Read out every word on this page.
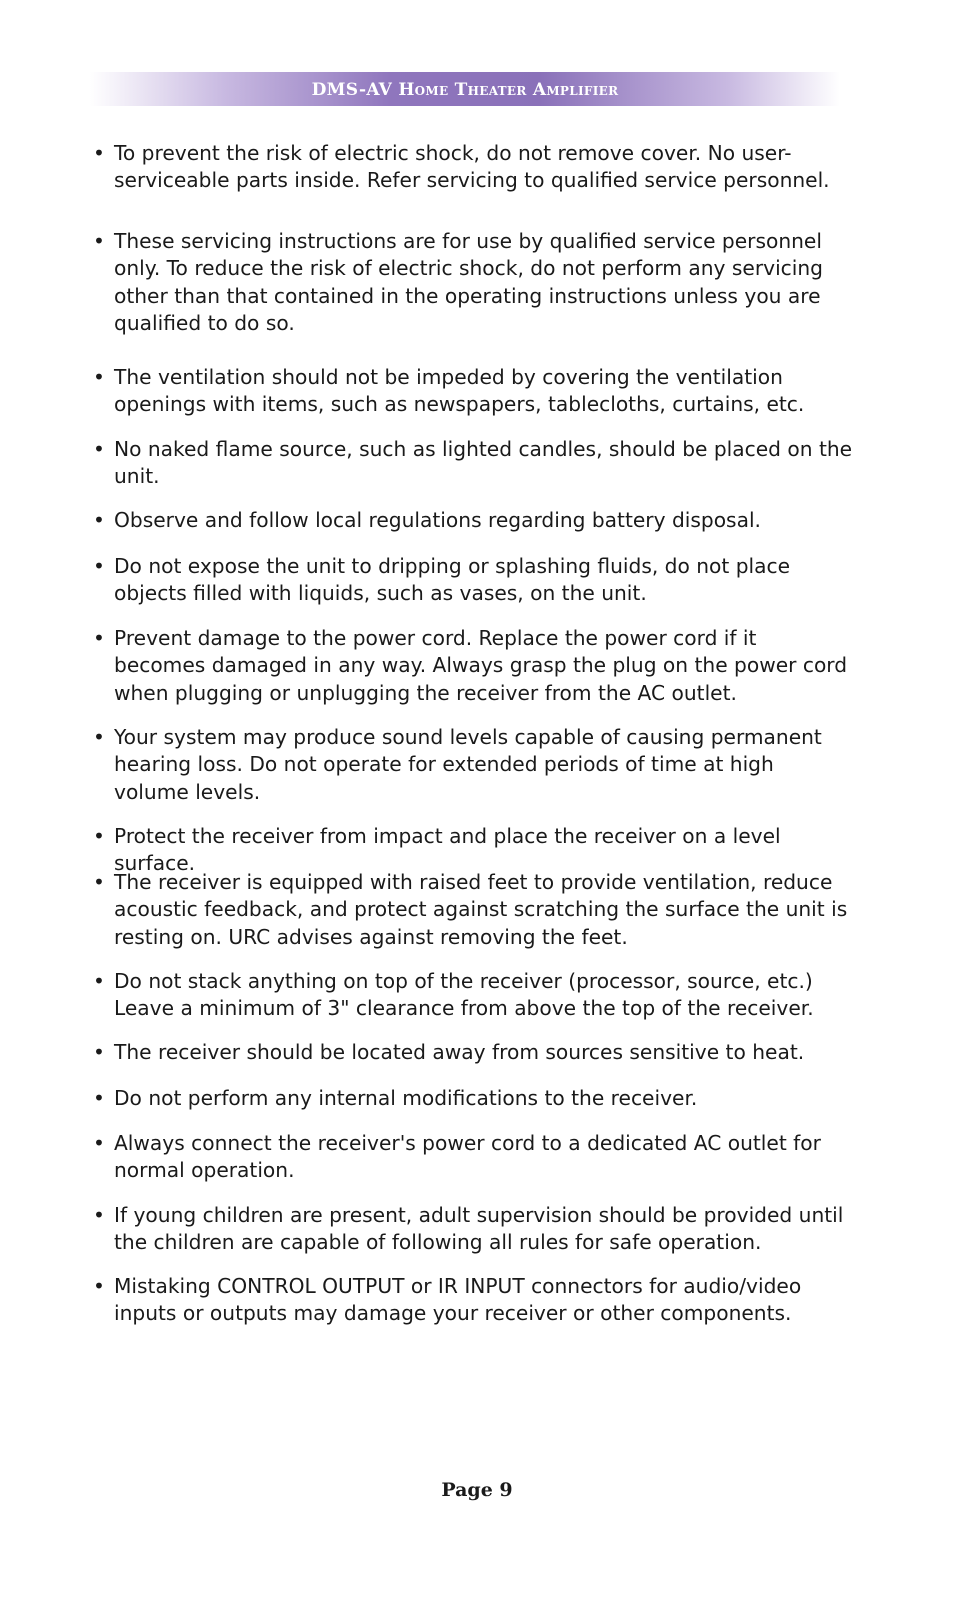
DMS-AV Home Theater Amplifier
• To prevent the risk of electric shock, do not remove cover. No user-serviceable parts inside. Refer servicing to qualified service personnel.
• These servicing instructions are for use by qualified service personnel only. To reduce the risk of electric shock, do not perform any servicing other than that contained in the operating instructions unless you are qualified to do so.
• The ventilation should not be impeded by covering the ventilation openings with items, such as newspapers, tablecloths, curtains, etc.
• No naked flame source, such as lighted candles, should be placed on the unit.
• Observe and follow local regulations regarding battery disposal.
• Do not expose the unit to dripping or splashing fluids, do not place objects filled with liquids, such as vases, on the unit.
• Prevent damage to the power cord. Replace the power cord if it becomes damaged in any way. Always grasp the plug on the power cord when plugging or unplugging the receiver from the AC outlet.
• Your system may produce sound levels capable of causing permanent hearing loss. Do not operate for extended periods of time at high volume levels.
• Protect the receiver from impact and place the receiver on a level surface.
• The receiver is equipped with raised feet to provide ventilation, reduce acoustic feedback, and protect against scratching the surface the unit is resting on. URC advises against removing the feet.
• Do not stack anything on top of the receiver (processor, source, etc.) Leave a minimum of 3" clearance from above the top of the receiver.
• The receiver should be located away from sources sensitive to heat.
• Do not perform any internal modifications to the receiver.
• Always connect the receiver's power cord to a dedicated AC outlet for normal operation.
• If young children are present, adult supervision should be provided until the children are capable of following all rules for safe operation.
• Mistaking CONTROL OUTPUT or IR INPUT connectors for audio/video inputs or outputs may damage your receiver or other components.
Page 9
